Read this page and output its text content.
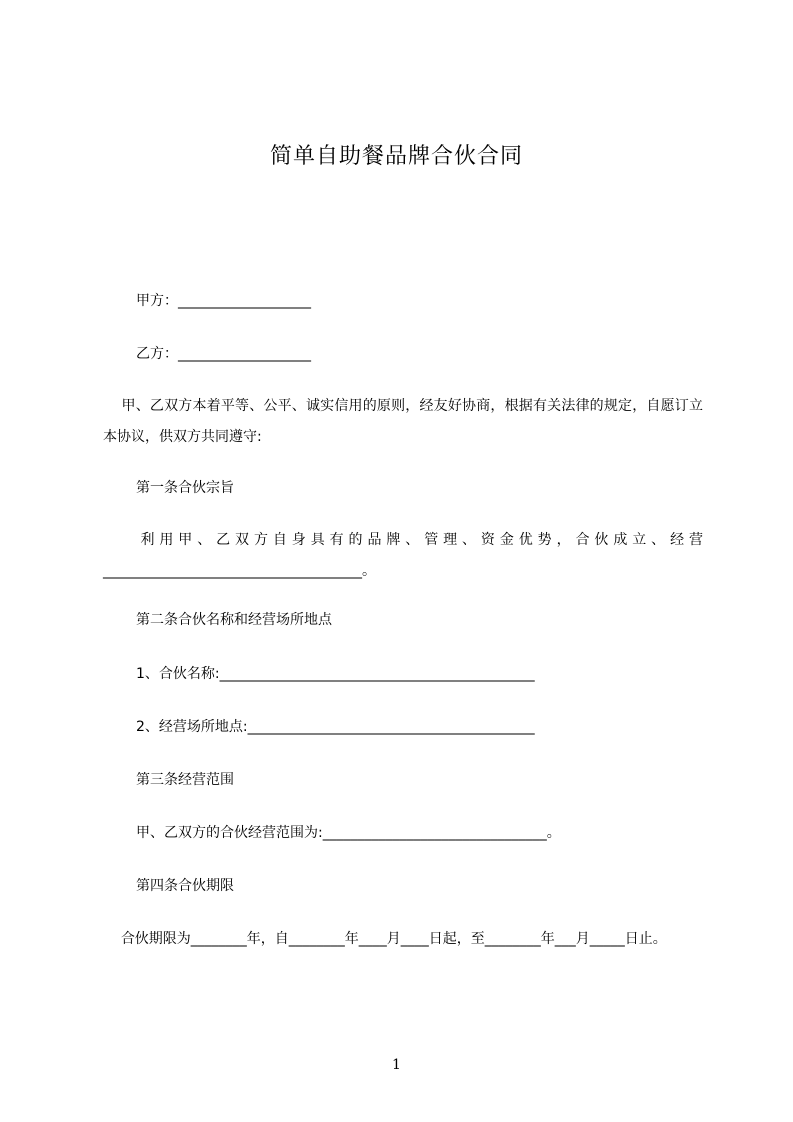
简单自助餐品牌合伙合同
甲方：___________________
乙方：___________________
甲、乙双方本着平等、公平、诚实信用的原则，经友好协商，根据有关法律的规定，自愿订立本协议，供双方共同遵守:
第一条合伙宗旨
利用甲、乙双方自身具有的品牌、管理、资金优势，合伙成立、经营_____________________________________。
第二条合伙名称和经营场所地点
1、合伙名称:_____________________________________________
2、经营场所地点:_________________________________________
第三条经营范围
甲、乙双方的合伙经营范围为:________________________________。
第四条合伙期限
合伙期限为________年，自________年____月____日起，至________年___月_____日止。
1
